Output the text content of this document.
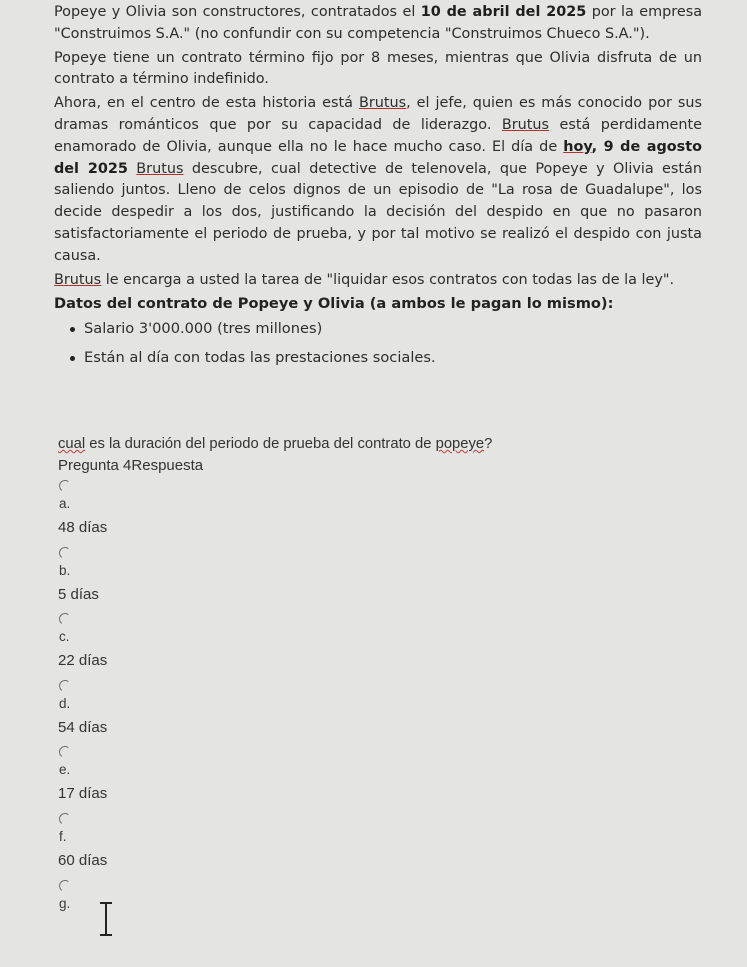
Popeye y Olivia son constructores, contratados el 10 de abril del 2025 por la empresa "Construimos S.A." (no confundir con su competencia "Construimos Chueco S.A.").

Popeye tiene un contrato término fijo por 8 meses, mientras que Olivia disfruta de un contrato a término indefinido.

Ahora, en el centro de esta historia está Brutus, el jefe, quien es más conocido por sus dramas románticos que por su capacidad de liderazgo. Brutus está perdidamente enamorado de Olivia, aunque ella no le hace mucho caso. El día de hoy, 9 de agosto del 2025 Brutus descubre, cual detective de telenovela, que Popeye y Olivia están saliendo juntos. Lleno de celos dignos de un episodio de "La rosa de Guadalupe", los decide despedir a los dos, justificando la decisión del despido en que no pasaron satisfactoriamente el periodo de prueba, y por tal motivo se realizó el despido con justa causa.

Brutus le encarga a usted la tarea de "liquidar esos contratos con todas las de la ley".

Datos del contrato de Popeye y Olivia (a ambos le pagan lo mismo):
Salario 3'000.000 (tres millones)
Están al día con todas las prestaciones sociales.
cual es la duración del periodo de prueba del contrato de popeye?
Pregunta 4Respuesta
a.
48 días
b.
5 días
c.
22 días
d.
54 días
e.
17 días
f.
60 días
g.
